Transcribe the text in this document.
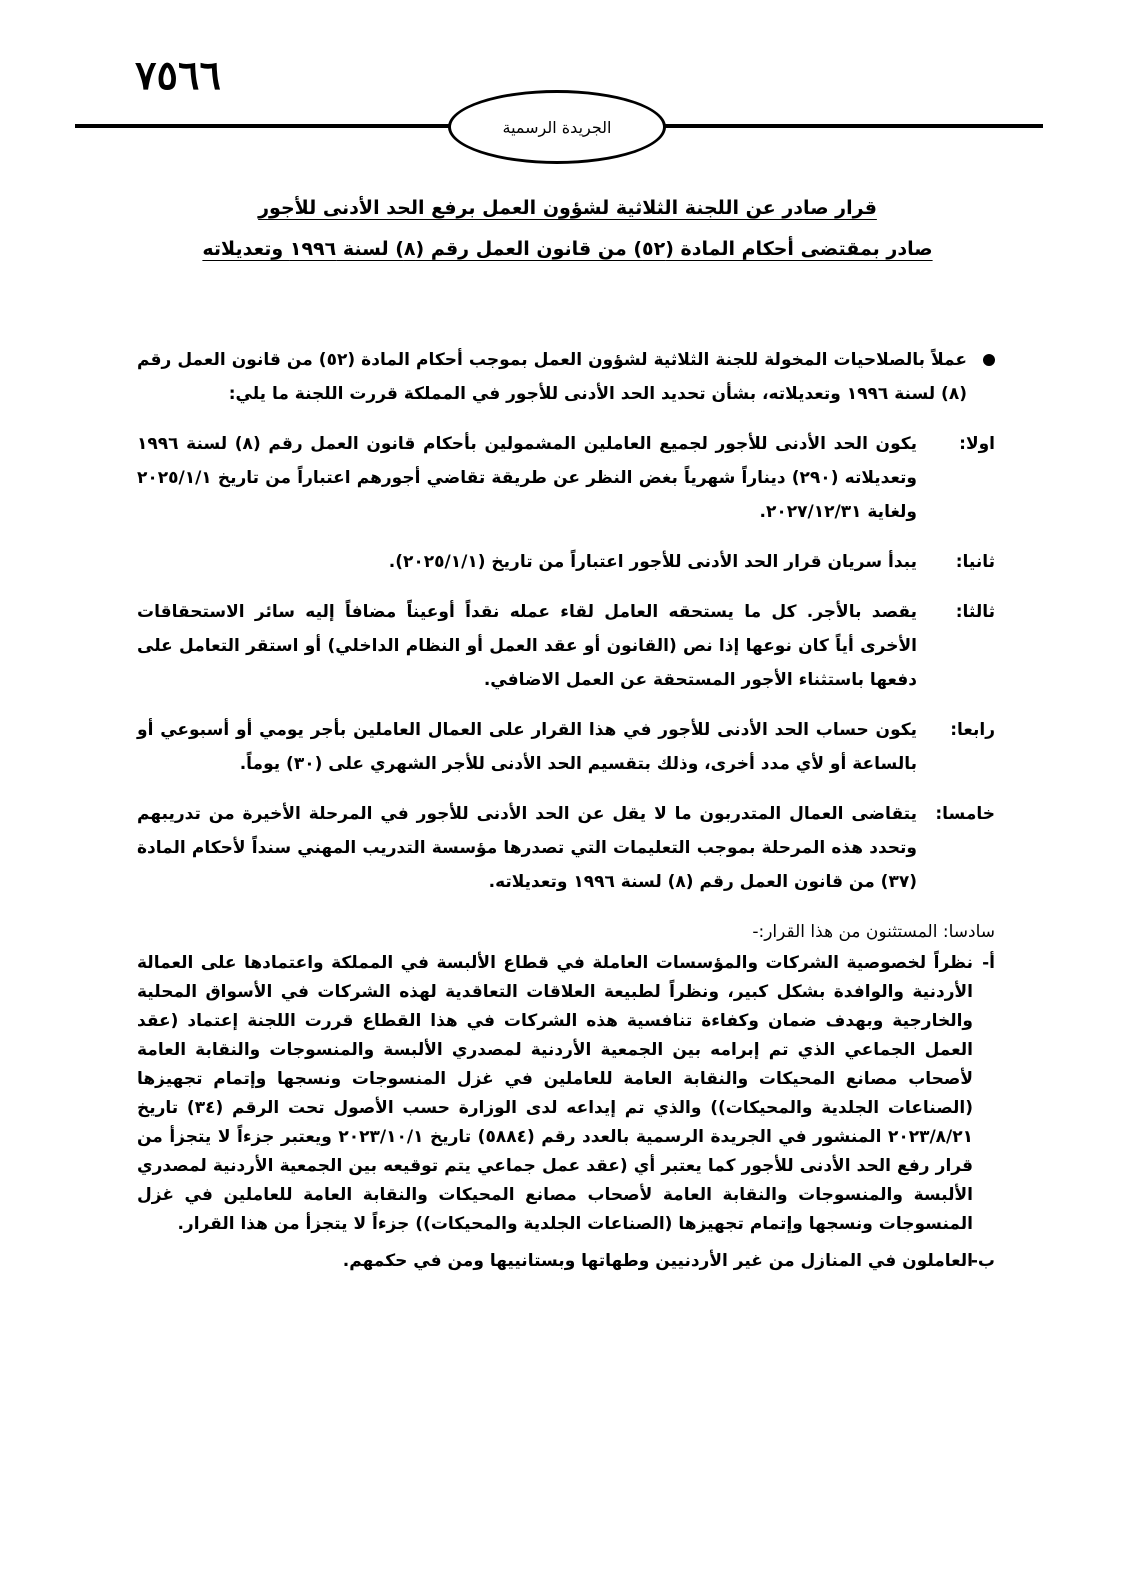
٧٥٦٦
الجريدة الرسمية
قرار صادر عن اللجنة الثلاثية لشؤون العمل برفع الحد الأدنى للأجور
صادر بمقتضى أحكام المادة (٥٢) من قانون العمل رقم (٨) لسنة ١٩٩٦ وتعديلاته

عملاً بالصلاحيات المخولة للجنة الثلاثية لشؤون العمل بموجب أحكام المادة (٥٢) من قانون العمل رقم (٨) لسنة ١٩٩٦ وتعديلاته، بشأن تحديد الحد الأدنى للأجور في المملكة قررت اللجنة ما يلي:

اولا:
يكون الحد الأدنى للأجور لجميع العاملين المشمولين بأحكام قانون العمل رقم (٨) لسنة ١٩٩٦ وتعديلاته (٢٩٠) ديناراً شهرياً بغض النظر عن طريقة تقاضي أجورهم اعتباراً من تاريخ ٢٠٢٥/١/١ ولغاية ٢٠٢٧/١٢/٣١.

ثانيا:
يبدأ سريان قرار الحد الأدنى للأجور اعتباراً من تاريخ (٢٠٢٥/١/١).

ثالثا:
يقصد بالأجر. كل ما يستحقه العامل لقاء عمله نقداً أوعيناً مضافاً إليه سائر الاستحقاقات الأخرى أياً كان نوعها إذا نص (القانون أو عقد العمل أو النظام الداخلي) أو استقر التعامل على دفعها باستثناء الأجور المستحقة عن العمل الاضافي.

رابعا:
يكون حساب الحد الأدنى للأجور في هذا القرار على العمال العاملين بأجر يومي أو أسبوعي أو بالساعة أو لأي مدد أخرى، وذلك بتقسيم الحد الأدنى للأجر الشهري على (٣٠) يوماً.

خامسا:
يتقاضى العمال المتدربون ما لا يقل عن الحد الأدنى للأجور في المرحلة الأخيرة من تدريبهم وتحدد هذه المرحلة بموجب التعليمات التي تصدرها مؤسسة التدريب المهني سنداً لأحكام المادة (٣٧) من قانون العمل رقم (٨) لسنة ١٩٩٦ وتعديلاته.

سادسا: المستثنون من هذا القرار:-

أ-
نظراً لخصوصية الشركات والمؤسسات العاملة في قطاع الألبسة في المملكة واعتمادها على العمالة الأردنية والوافدة بشكل كبير، ونظراً لطبيعة العلاقات التعاقدية لهذه الشركات في الأسواق المحلية والخارجية وبهدف ضمان وكفاءة تنافسية هذه الشركات في هذا القطاع قررت اللجنة إعتماد (عقد العمل الجماعي الذي تم إبرامه بين الجمعية الأردنية لمصدري الألبسة والمنسوجات والنقابة العامة لأصحاب مصانع المحيكات والنقابة العامة للعاملين في غزل المنسوجات ونسجها وإتمام تجهيزها (الصناعات الجلدية والمحيكات)) والذي تم إيداعه لدى الوزارة حسب الأصول تحت الرقم (٣٤) تاريخ ٢٠٢٣/٨/٢١ المنشور في الجريدة الرسمية بالعدد رقم (٥٨٨٤) تاريخ ٢٠٢٣/١٠/١ ويعتبر جزءاً لا يتجزأ من قرار رفع الحد الأدنى للأجور كما يعتبر أي (عقد عمل جماعي يتم توقيعه بين الجمعية الأردنية لمصدري الألبسة والمنسوجات والنقابة العامة لأصحاب مصانع المحيكات والنقابة العامة للعاملين في غزل المنسوجات ونسجها وإتمام تجهيزها (الصناعات الجلدية والمحيكات)) جزءاً لا يتجزأ من هذا القرار.

ب-
العاملون في المنازل من غير الأردنيين وطهاتها وبستانييها ومن في حكمهم.
